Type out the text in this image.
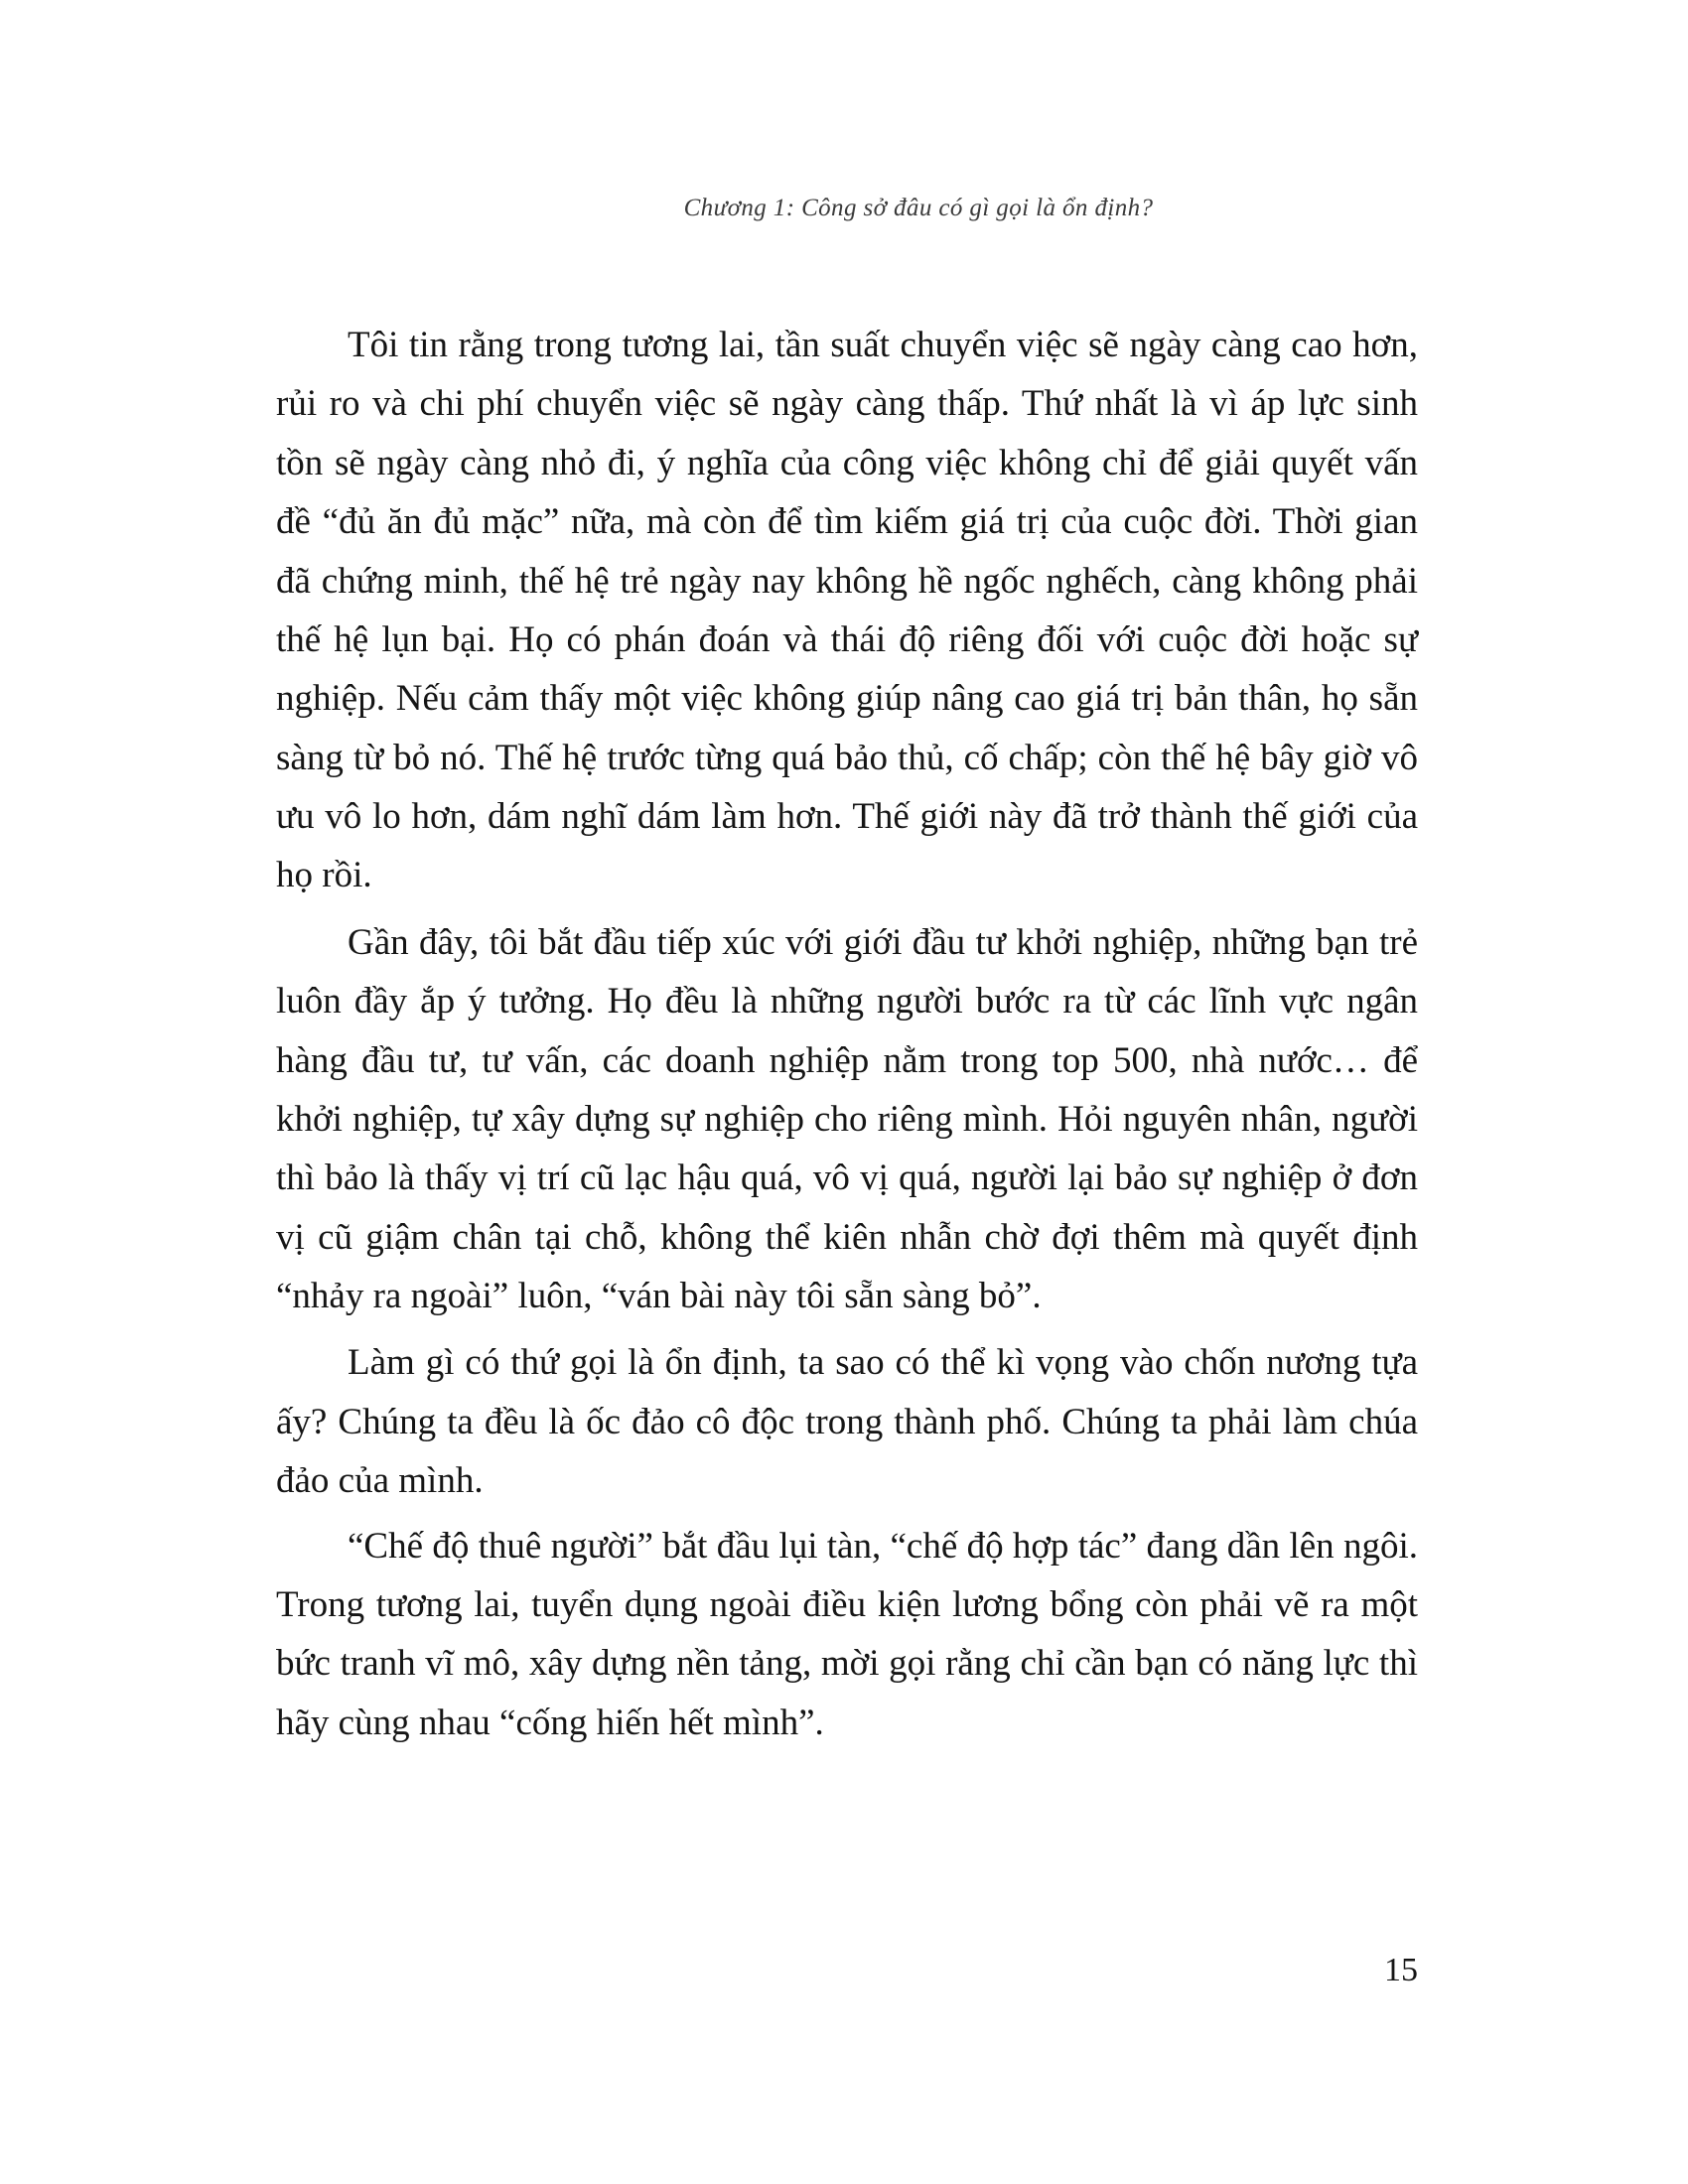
Chương 1: Công sở đâu có gì gọi là ổn định?

Tôi tin rằng trong tương lai, tần suất chuyển việc sẽ ngày càng cao hơn, rủi ro và chi phí chuyển việc sẽ ngày càng thấp. Thứ nhất là vì áp lực sinh tồn sẽ ngày càng nhỏ đi, ý nghĩa của công việc không chỉ để giải quyết vấn đề “đủ ăn đủ mặc” nữa, mà còn để tìm kiếm giá trị của cuộc đời. Thời gian đã chứng minh, thế hệ trẻ ngày nay không hề ngốc nghếch, càng không phải thế hệ lụn bại. Họ có phán đoán và thái độ riêng đối với cuộc đời hoặc sự nghiệp. Nếu cảm thấy một việc không giúp nâng cao giá trị bản thân, họ sẵn sàng từ bỏ nó. Thế hệ trước từng quá bảo thủ, cố chấp; còn thế hệ bây giờ vô ưu vô lo hơn, dám nghĩ dám làm hơn. Thế giới này đã trở thành thế giới của họ rồi.

Gần đây, tôi bắt đầu tiếp xúc với giới đầu tư khởi nghiệp, những bạn trẻ luôn đầy ắp ý tưởng. Họ đều là những người bước ra từ các lĩnh vực ngân hàng đầu tư, tư vấn, các doanh nghiệp nằm trong top 500, nhà nước… để khởi nghiệp, tự xây dựng sự nghiệp cho riêng mình. Hỏi nguyên nhân, người thì bảo là thấy vị trí cũ lạc hậu quá, vô vị quá, người lại bảo sự nghiệp ở đơn vị cũ giậm chân tại chỗ, không thể kiên nhẫn chờ đợi thêm mà quyết định “nhảy ra ngoài” luôn, “ván bài này tôi sẵn sàng bỏ”.

Làm gì có thứ gọi là ổn định, ta sao có thể kì vọng vào chốn nương tựa ấy? Chúng ta đều là ốc đảo cô độc trong thành phố. Chúng ta phải làm chúa đảo của mình.

“Chế độ thuê người” bắt đầu lụi tàn, “chế độ hợp tác” đang dần lên ngôi. Trong tương lai, tuyển dụng ngoài điều kiện lương bổng còn phải vẽ ra một bức tranh vĩ mô, xây dựng nền tảng, mời gọi rằng chỉ cần bạn có năng lực thì hãy cùng nhau “cống hiến hết mình”.

15
